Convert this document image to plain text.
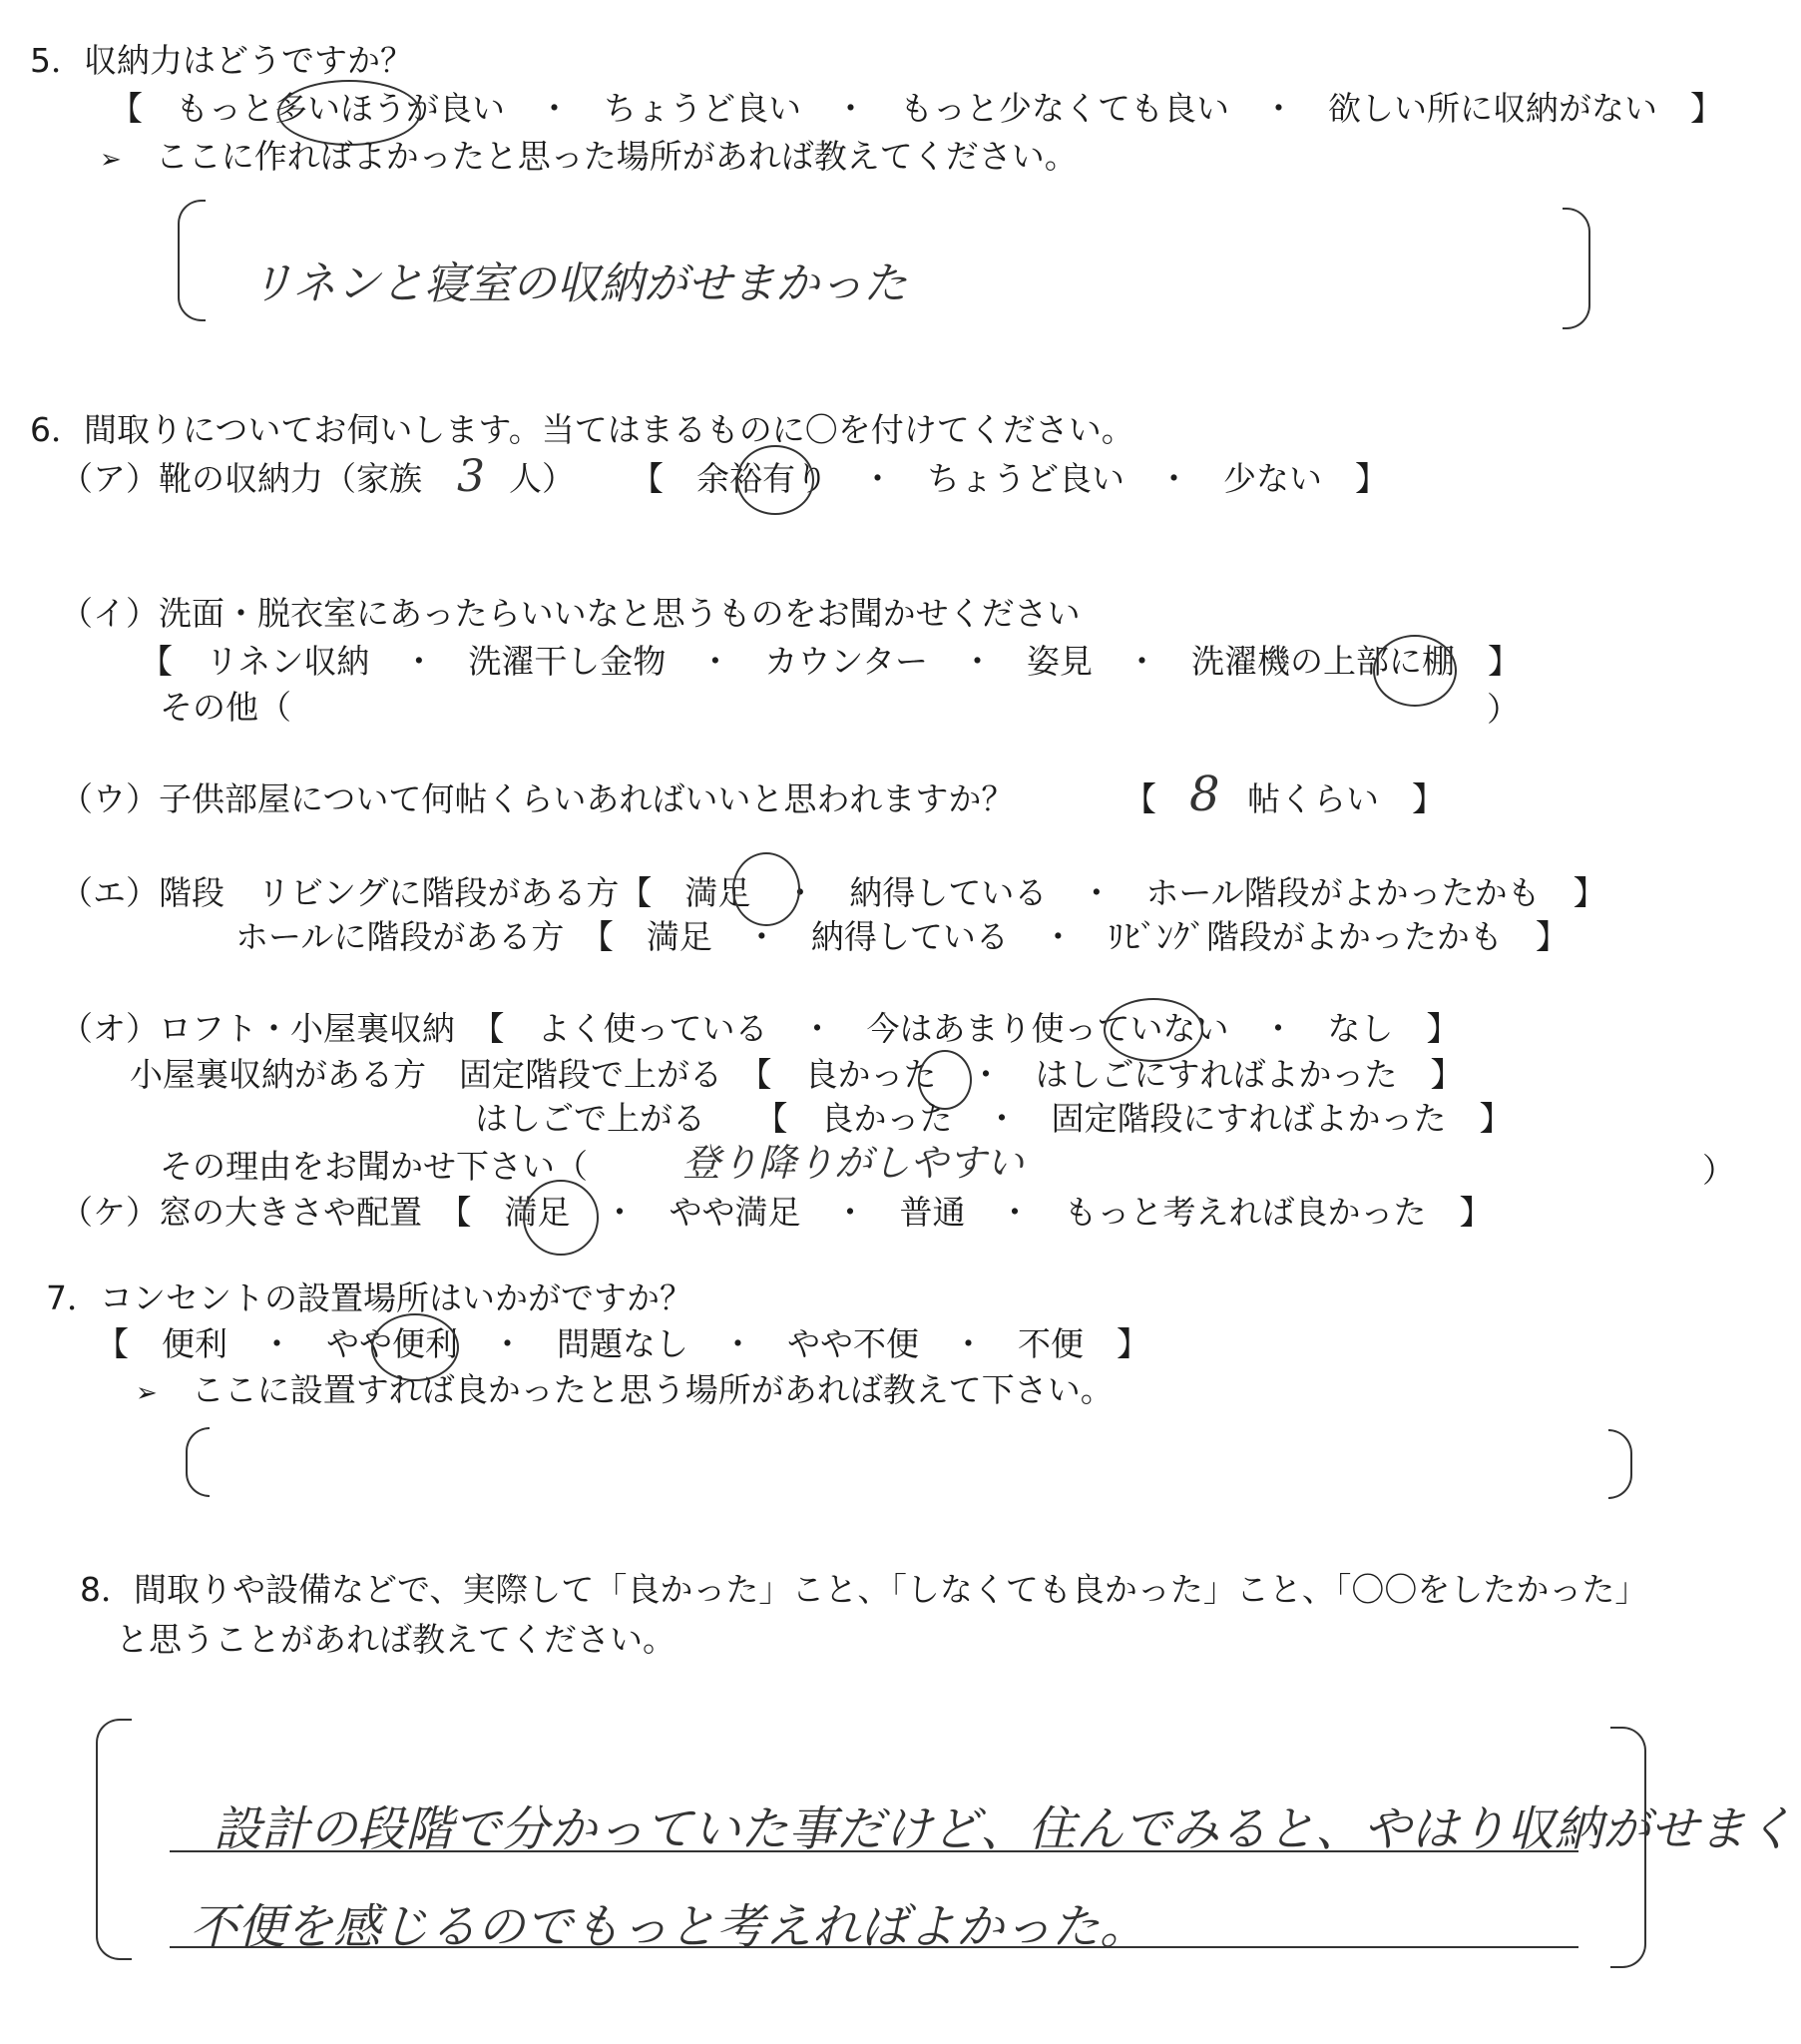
5．収納力はどうですか？
【　もっと多いほうが良い　・　ちょうど良い　・　もっと少なくても良い　・　欲しい所に収納がない　】
➢ ここに作ればよかったと思った場所があれば教えてください。
リネンと寝室の収納がせまかった
6．間取りについてお伺いします。当てはまるものに〇を付けてください。
（ア）靴の収納力（家族 3 人） 【　余裕有り　・　ちょうど良い　・　少ない　】
（イ）洗面・脱衣室にあったらいいなと思うものをお聞かせください
【　リネン収納　・　洗濯干し金物　・　カウンター　・　姿見　・　洗濯機の上部に棚　】
その他（	）
（ウ）子供部屋について何帖くらいあればいいと思われますか？	【 8 帖くらい　】
（エ）階段　リビングに階段がある方【　満足　・　納得している　・　ホール階段がよかったかも　】
ホールに階段がある方　【　満足　・　納得している　・　ﾘﾋﾞﾝｸﾞ階段がよかったかも　】
（オ）ロフト・小屋裏収納　【　よく使っている　・　今はあまり使っていない　・　なし　】
小屋裏収納がある方　固定階段で上がる　【　良かった　・　はしごにすればよかった　】
はしごで上がる　　【　良かった　・　固定階段にすればよかった　】
その理由をお聞かせ下さい（	登り降りがしやすい	）
（ケ）窓の大きさや配置　【　満足　・　やや満足　・　普通　・　もっと考えれば良かった　】
7．コンセントの設置場所はいかがですか？
【　便利　・　やや便利　・　問題なし　・　やや不便　・　不便　】
➢ ここに設置すれば良かったと思う場所があれば教えて下さい。
8．間取りや設備などで、実際して「良かった」こと、「しなくても良かった」こと、「〇〇をしたかった」
と思うことがあれば教えてください。
設計の段階で分かっていた事だけど、住んでみると、やはり収納がせまく
不便を感じるのでもっと考えればよかった。
